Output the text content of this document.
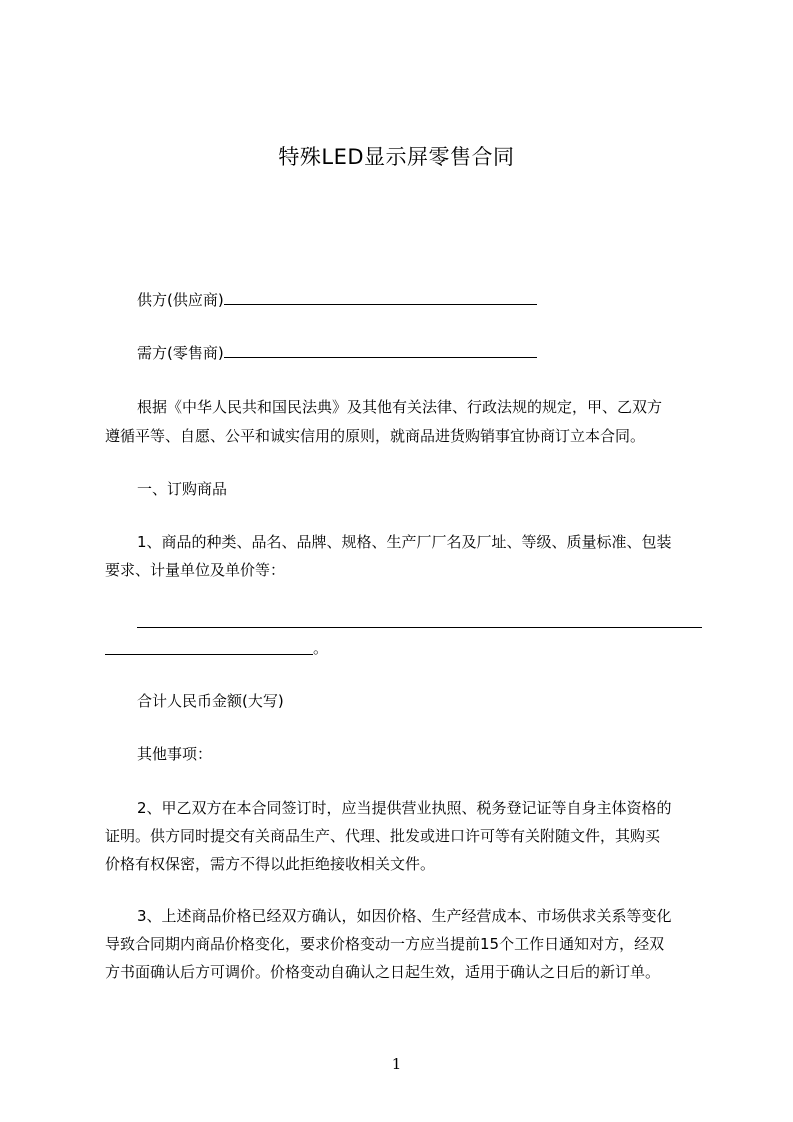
特殊LED显示屏零售合同
供方(供应商)
需方(零售商)
根据《中华人民共和国民法典》及其他有关法律、行政法规的规定，甲、乙双方
遵循平等、自愿、公平和诚实信用的原则，就商品进货购销事宜协商订立本合同。
一、订购商品
1、商品的种类、品名、品牌、规格、生产厂厂名及厂址、等级、质量标准、包装
要求、计量单位及单价等：
。
合计人民币金额(大写)
其他事项：
2、甲乙双方在本合同签订时，应当提供营业执照、税务登记证等自身主体资格的
证明。供方同时提交有关商品生产、代理、批发或进口许可等有关附随文件，其购买
价格有权保密，需方不得以此拒绝接收相关文件。
3、上述商品价格已经双方确认，如因价格、生产经营成本、市场供求关系等变化
导致合同期内商品价格变化，要求价格变动一方应当提前15个工作日通知对方，经双
方书面确认后方可调价。价格变动自确认之日起生效，适用于确认之日后的新订单。
1
